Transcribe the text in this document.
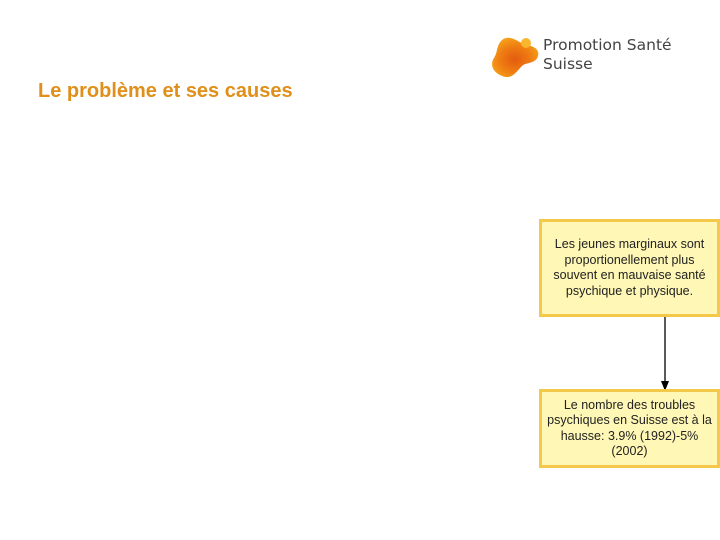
Le problème et ses causes
Promotion Santé
Suisse
Les jeunes marginaux sont proportionellement plus souvent en mauvaise santé psychique et physique.
Le nombre des troubles psychiques en Suisse est à la hausse: 3.9% (1992)-5% (2002)
